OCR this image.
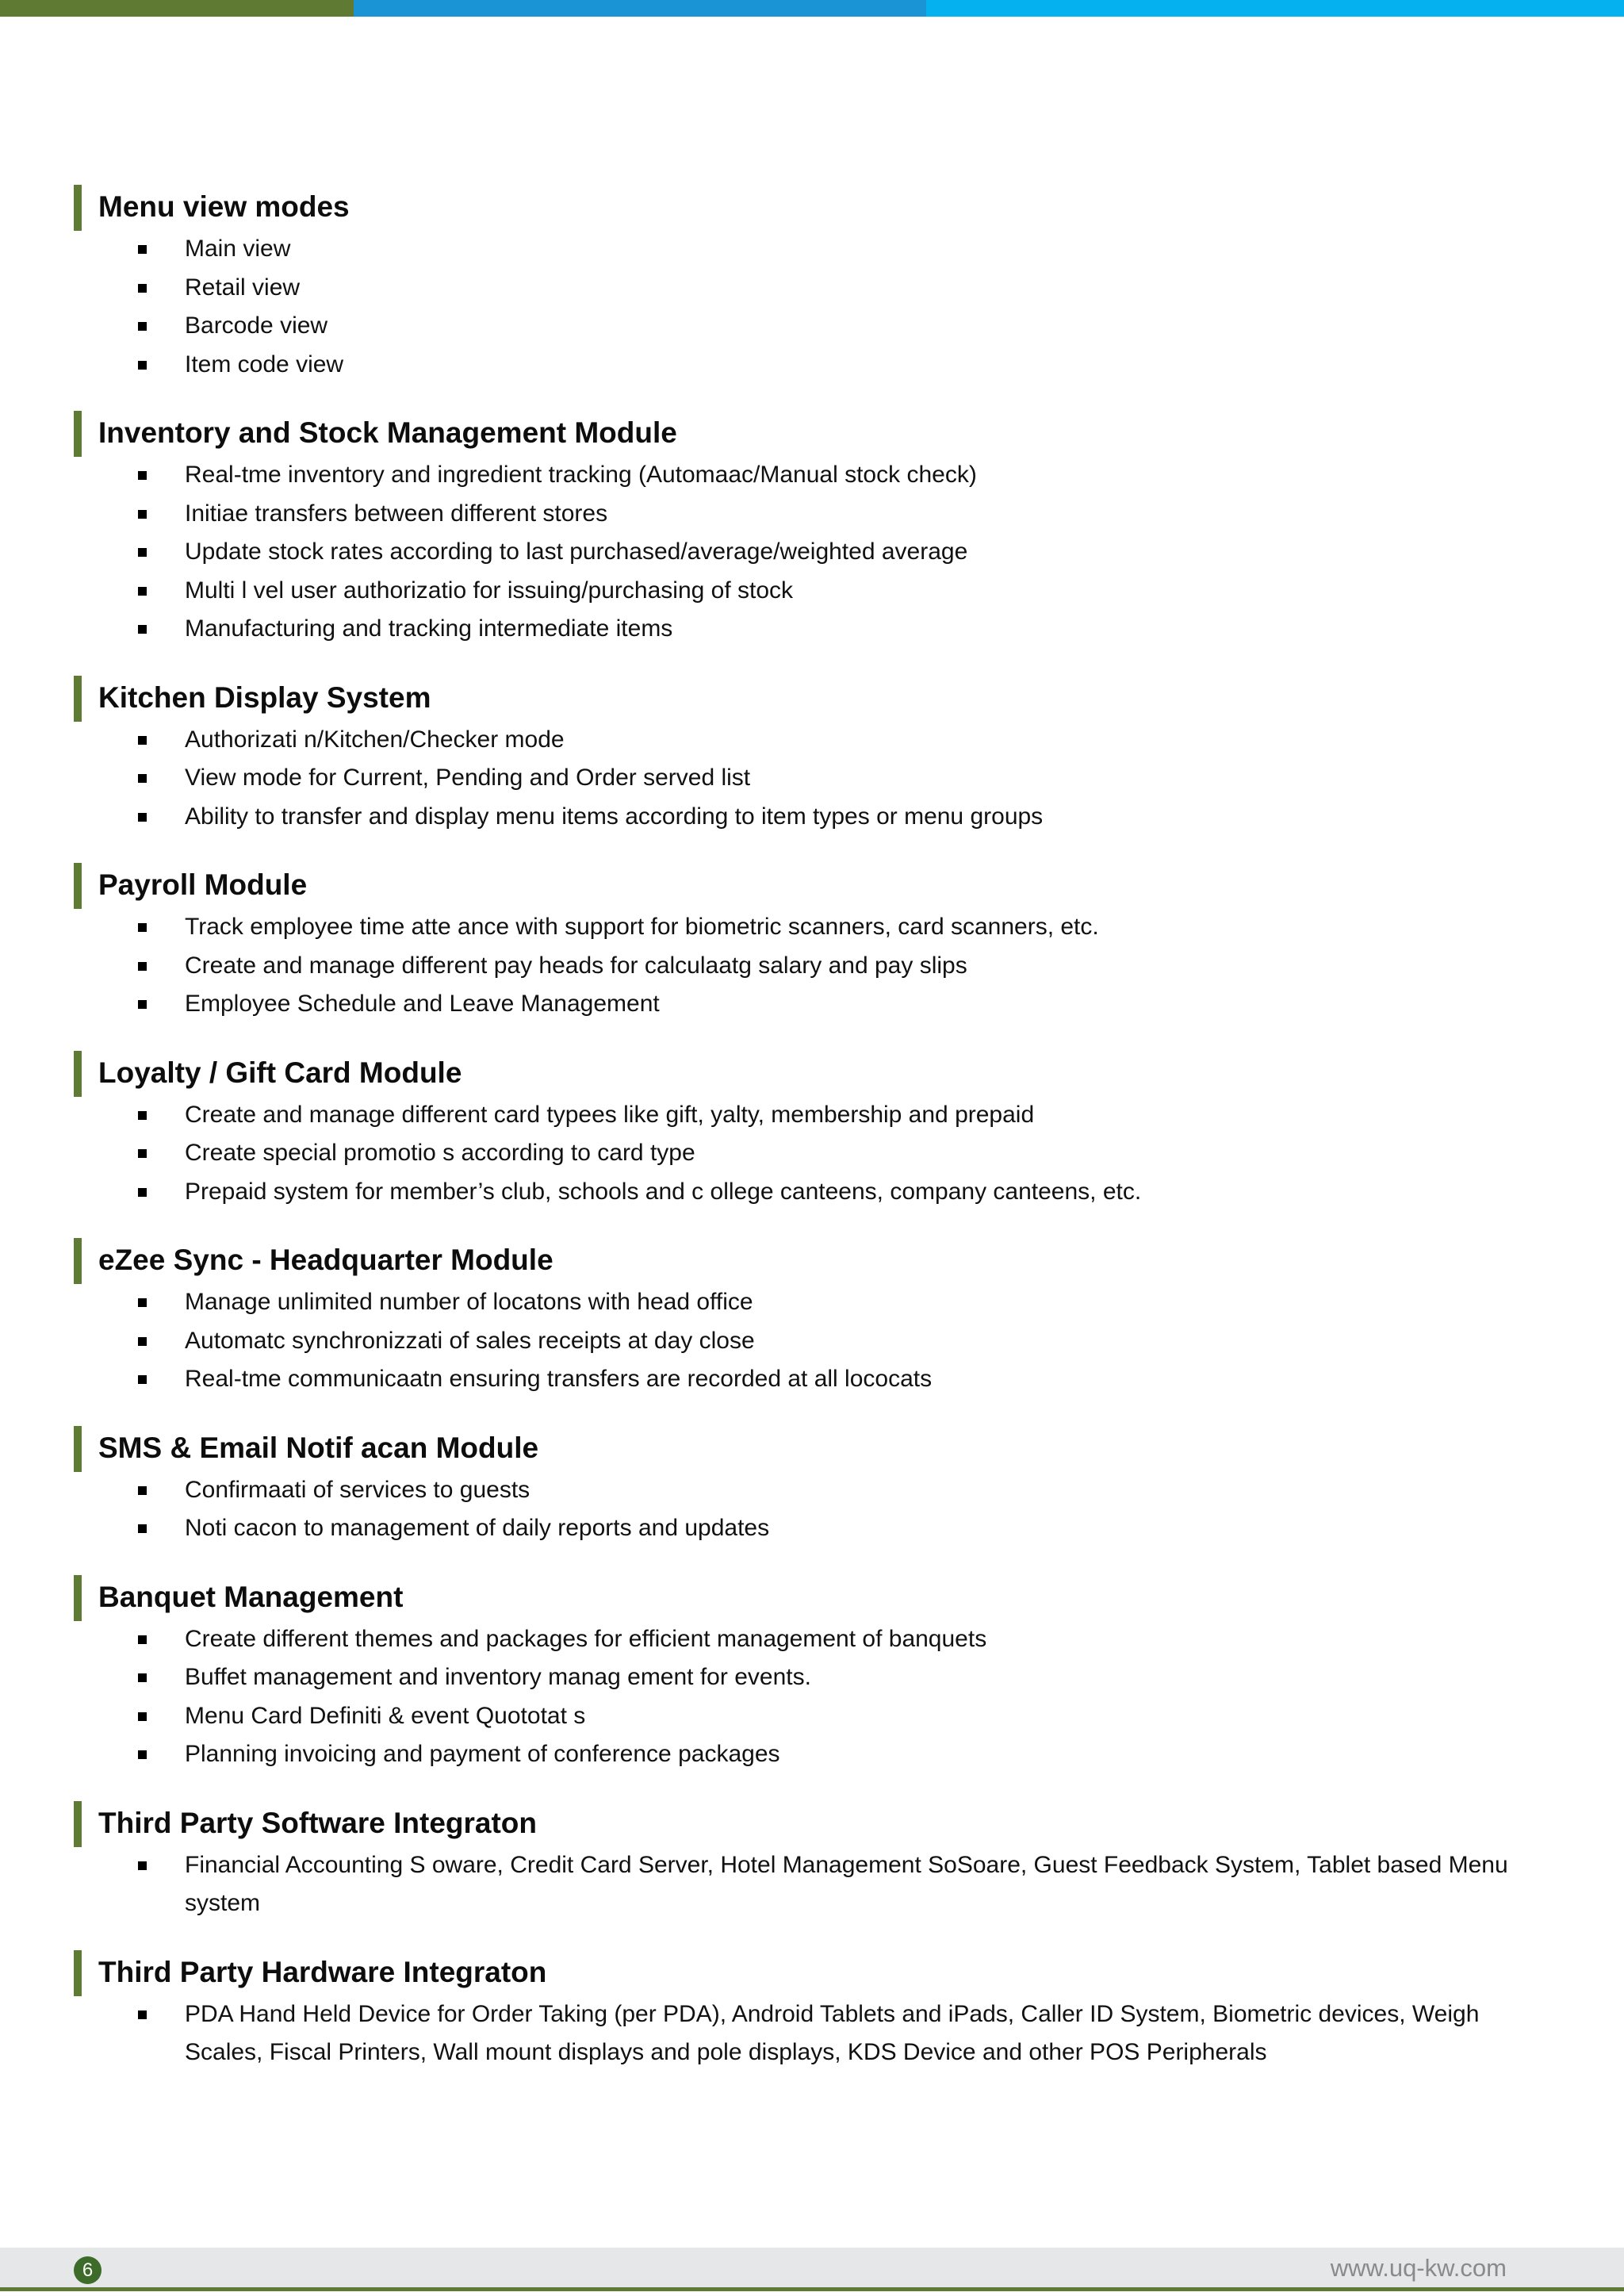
Menu view modes
Main view
Retail view
Barcode view
Item code view
Inventory and Stock Management Module
Real-tme inventory and ingredient tracking (Automaac/Manual stock check)
Initiae transfers between different stores
Update stock rates according to last purchased/average/weighted average
Multi l vel user authorizatio for issuing/purchasing of stock
Manufacturing and tracking intermediate items
Kitchen Display System
Authorizati n/Kitchen/Checker mode
View mode for Current, Pending and Order served list
Ability to transfer and display menu items according to item types or menu groups
Payroll Module
Track employee time atte ance with support for biometric scanners, card scanners, etc.
Create and manage different pay heads for calculaatg salary and pay slips
Employee Schedule and Leave Management
Loyalty / Gift Card Module
Create and manage different card typees like gift, yalty, membership and prepaid
Create special promotio s according to card type
Prepaid system for member’s club, schools and c ollege canteens, company canteens, etc.
eZee Sync - Headquarter Module
Manage unlimited number of locatons with head office
Automatc synchronizzati of sales receipts at day close
Real-tme communicaatn ensuring transfers are recorded at all lococats
SMS & Email Notif acan Module
Confirmaati of services to guests
Noti cacon to management of daily reports and updates
Banquet Management
Create different themes and packages for efficient management of banquets
Buffet management and inventory manag ement for events.
Menu Card Definiti & event Quototat s
Planning invoicing and payment of conference packages
Third Party Software Integraton
Financial Accounting S oware, Credit Card Server, Hotel Management SoSoare, Guest Feedback System, Tablet based Menu system
Third Party Hardware Integraton
PDA Hand Held Device for Order Taking (per PDA), Android Tablets and iPads, Caller ID System, Biometric devices, Weigh Scales, Fiscal Printers, Wall mount displays and pole displays, KDS Device and other POS Peripherals
6	www.uq-kw.com
